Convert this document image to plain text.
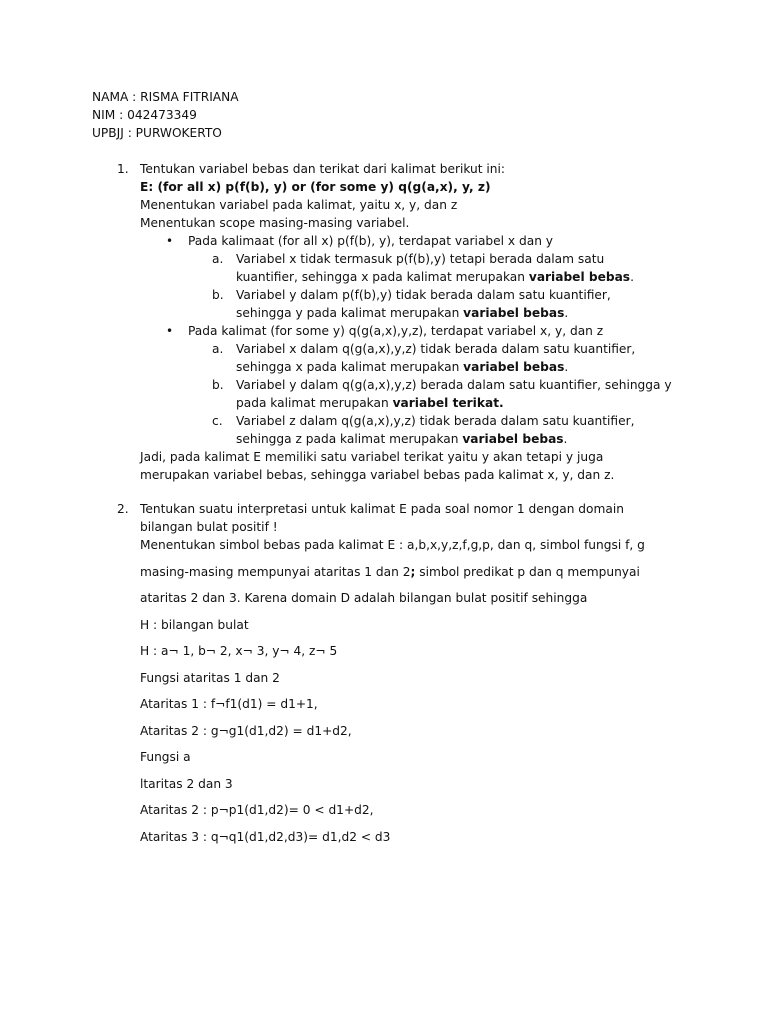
NAMA : RISMA FITRIANA
NIM : 042473349
UPBJJ : PURWOKERTO
1. Tentukan variabel bebas dan terikat dari kalimat berikut ini:
E: (for all x) p(f(b), y) or (for some y) q(g(a,x), y, z)
Menentukan variabel pada kalimat, yaitu x, y, dan z
Menentukan scope masing-masing variabel.
• Pada kalimaat (for all x) p(f(b), y), terdapat variabel x dan y
a. Variabel x tidak termasuk p(f(b),y) tetapi berada dalam satu
kuantifier, sehingga x pada kalimat merupakan variabel bebas.
b. Variabel y dalam p(f(b),y) tidak berada dalam satu kuantifier,
sehingga y pada kalimat merupakan variabel bebas.
• Pada kalimat (for some y) q(g(a,x),y,z), terdapat variabel x, y, dan z
a. Variabel x dalam q(g(a,x),y,z) tidak berada dalam satu kuantifier,
sehingga x pada kalimat merupakan variabel bebas.
b. Variabel y dalam q(g(a,x),y,z) berada dalam satu kuantifier, sehingga y
pada kalimat merupakan variabel terikat.
c. Variabel z dalam q(g(a,x),y,z) tidak berada dalam satu kuantifier,
sehingga z pada kalimat merupakan variabel bebas.
Jadi, pada kalimat E memiliki satu variabel terikat yaitu y akan tetapi y juga
merupakan variabel bebas, sehingga variabel bebas pada kalimat x, y, dan z.
2. Tentukan suatu interpretasi untuk kalimat E pada soal nomor 1 dengan domain
bilangan bulat positif !
Menentukan simbol bebas pada kalimat E : a,b,x,y,z,f,g,p, dan q, simbol fungsi f, g
masing-masing mempunyai ataritas 1 dan 2; simbol predikat p dan q mempunyai
ataritas 2 dan 3. Karena domain D adalah bilangan bulat positif sehingga
H : bilangan bulat
H : a¬ 1, b¬ 2, x¬ 3, y¬ 4, z¬ 5
Fungsi ataritas 1 dan 2
Ataritas 1 : f¬f1(d1) = d1+1,
Ataritas 2 : g¬g1(d1,d2) = d1+d2,
Fungsi a
ltaritas 2 dan 3
Ataritas 2 : p¬p1(d1,d2)= 0 < d1+d2,
Ataritas 3 : q¬q1(d1,d2,d3)= d1,d2 < d3
